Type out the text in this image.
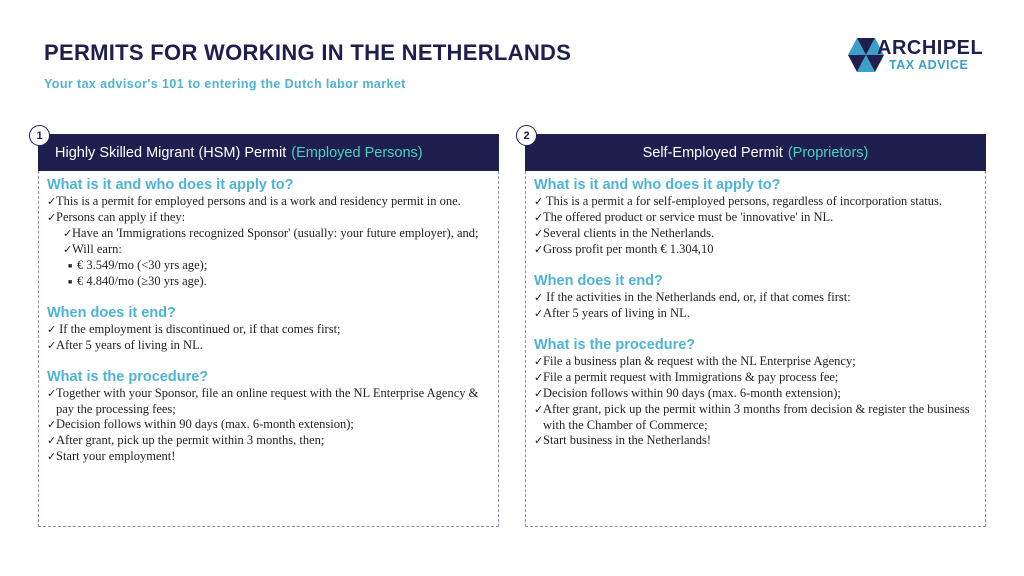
PERMITS FOR WORKING IN THE NETHERLANDS
Your tax advisor's 101 to entering the Dutch labor market
ARCHIPEL
TAX ADVICE
1
Highly Skilled Migrant (HSM) Permit (Employed Persons)
What is it and who does it apply to?
✓This is a permit for employed persons and is a work and residency permit in one.
✓Persons can apply if they:
✓Have an 'Immigrations recognized Sponsor' (usually: your future employer), and;
✓Will earn:
■ € 3.549/mo (<30 yrs age);
■ € 4.840/mo (≥30 yrs age).
When does it end?
✓ If the employment is discontinued or, if that comes first;
✓After 5 years of living in NL.
What is the procedure?
✓Together with your Sponsor, file an online request with the NL Enterprise Agency & pay the processing fees;
✓Decision follows within 90 days (max. 6-month extension);
✓After grant, pick up the permit within 3 months, then;
✓Start your employment!
2
Self-Employed Permit (Proprietors)
What is it and who does it apply to?
✓ This is a permit a for self-employed persons, regardless of incorporation status.
✓The offered product or service must be 'innovative' in NL.
✓Several clients in the Netherlands.
✓Gross profit per month € 1.304,10
When does it end?
✓ If the activities in the Netherlands end, or, if that comes first:
✓After 5 years of living in NL.
What is the procedure?
✓File a business plan & request with the NL Enterprise Agency;
✓File a permit request with Immigrations & pay process fee;
✓Decision follows within 90 days (max. 6-month extension);
✓After grant, pick up the permit within 3 months from decision & register the business with the Chamber of Commerce;
✓Start business in the Netherlands!
